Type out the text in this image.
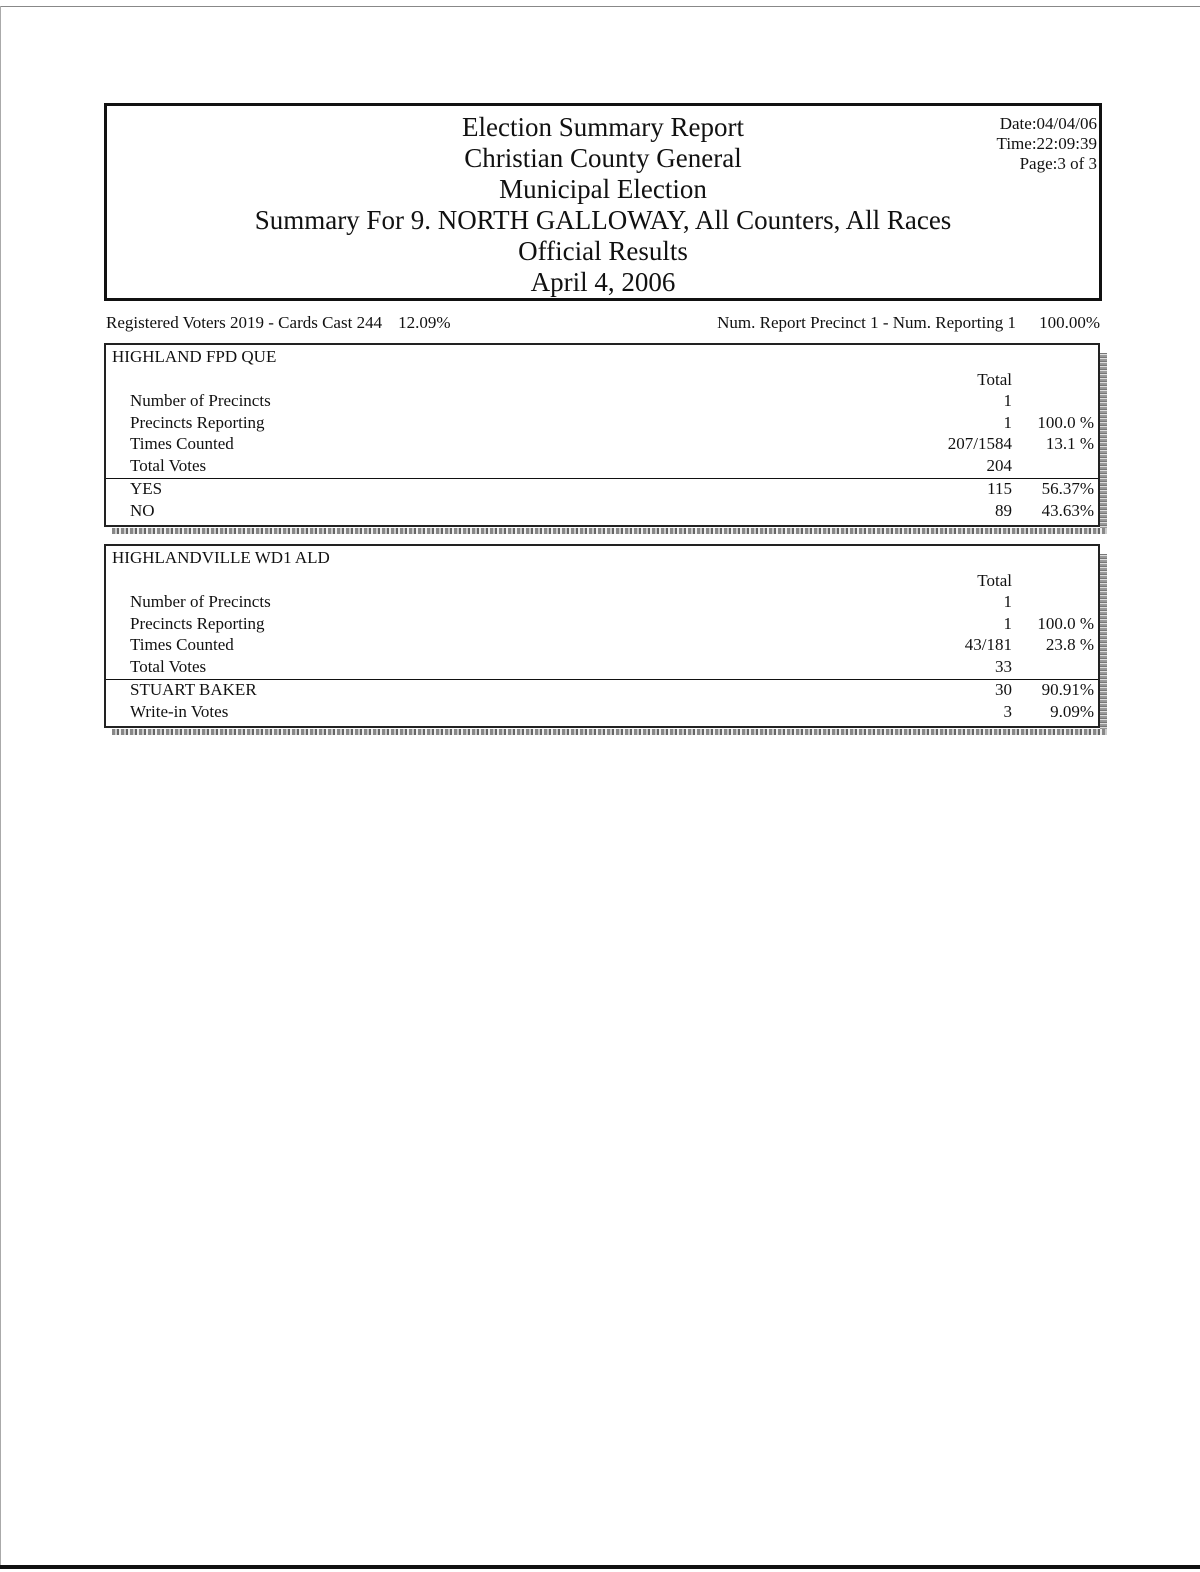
Election Summary Report
Christian County General
Municipal Election
Summary For 9. NORTH GALLOWAY, All Counters, All Races
Official Results
April 4, 2006
Date:04/04/06
Time:22:09:39
Page:3 of 3
Registered Voters 2019 - Cards Cast 244 12.09%	Num. Report Precinct 1 - Num. Reporting 1 100.00%
HIGHLAND FPD QUE
Total
Number of Precincts	1
Precincts Reporting	1 100.0 %
Times Counted	207/1584 13.1 %
Total Votes	204
YES	115 56.37%
NO	89 43.63%
HIGHLANDVILLE WD1 ALD
Total
Number of Precincts	1
Precincts Reporting	1 100.0 %
Times Counted	43/181 23.8 %
Total Votes	33
STUART BAKER	30 90.91%
Write-in Votes	3 9.09%
